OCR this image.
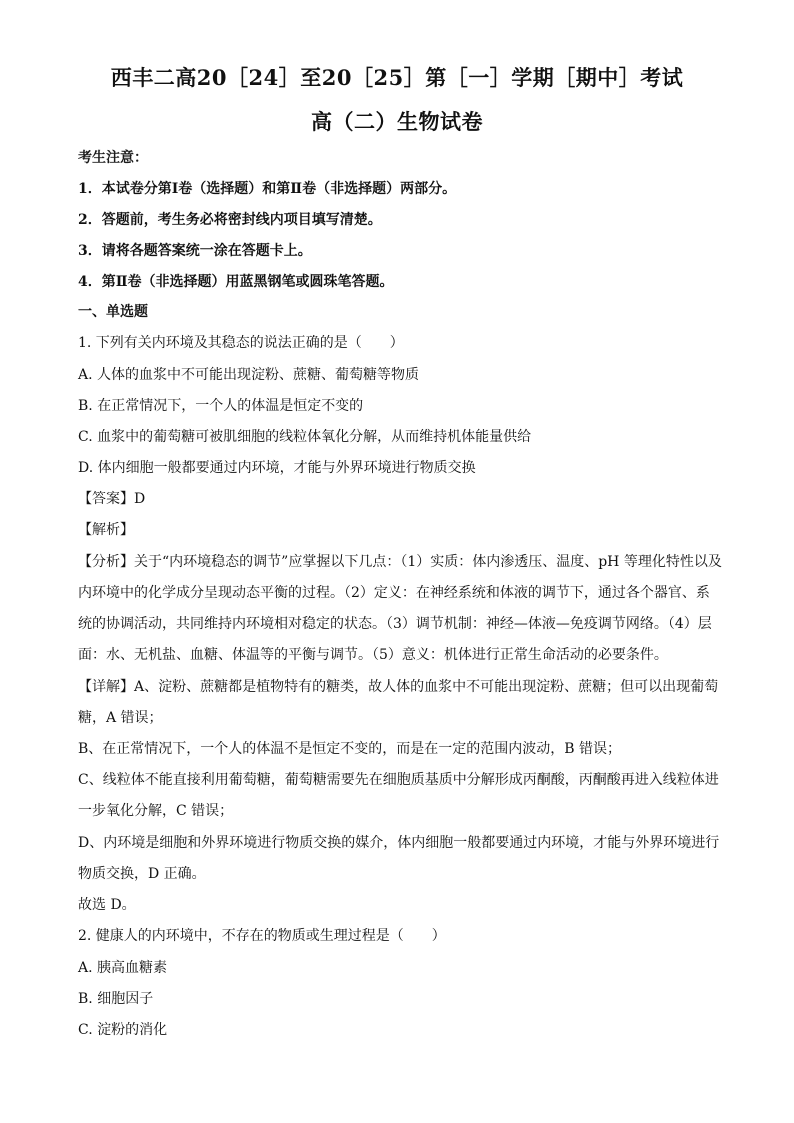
西丰二高20［24］至20［25］第［一］学期［期中］考试
高（二）生物试卷
考生注意：
1．本试卷分第Ⅰ卷（选择题）和第Ⅱ卷（非选择题）两部分。
2．答题前，考生务必将密封线内项目填写清楚。
3．请将各题答案统一涂在答题卡上。
4．第Ⅱ卷（非选择题）用蓝黑钢笔或圆珠笔答题。
一、单选题
1. 下列有关内环境及其稳态的说法正确的是（　　）
A. 人体的血浆中不可能出现淀粉、蔗糖、葡萄糖等物质
B. 在正常情况下，一个人的体温是恒定不变的
C. 血浆中的葡萄糖可被肌细胞的线粒体氧化分解，从而维持机体能量供给
D. 体内细胞一般都要通过内环境，才能与外界环境进行物质交换
【答案】D
【解析】
【分析】关于“内环境稳态的调节”应掌握以下几点：（1）实质：体内渗透压、温度、pH 等理化特性以及
内环境中的化学成分呈现动态平衡的过程。（2）定义：在神经系统和体液的调节下，通过各个器官、系
统的协调活动，共同维持内环境相对稳定的状态。（3）调节机制：神经—体液—免疫调节网络。（4）层
面：水、无机盐、血糖、体温等的平衡与调节。（5）意义：机体进行正常生命活动的必要条件。
【详解】A、淀粉、蔗糖都是植物特有的糖类，故人体的血浆中不可能出现淀粉、蔗糖；但可以出现葡萄
糖，A 错误；
B、在正常情况下，一个人的体温不是恒定不变的，而是在一定的范围内波动，B 错误；
C、线粒体不能直接利用葡萄糖，葡萄糖需要先在细胞质基质中分解形成丙酮酸，丙酮酸再进入线粒体进
一步氧化分解，C 错误；
D、内环境是细胞和外界环境进行物质交换的媒介，体内细胞一般都要通过内环境，才能与外界环境进行
物质交换，D 正确。
故选 D。
2. 健康人的内环境中，不存在的物质或生理过程是（　　）
A. 胰高血糖素
B. 细胞因子
C. 淀粉的消化
